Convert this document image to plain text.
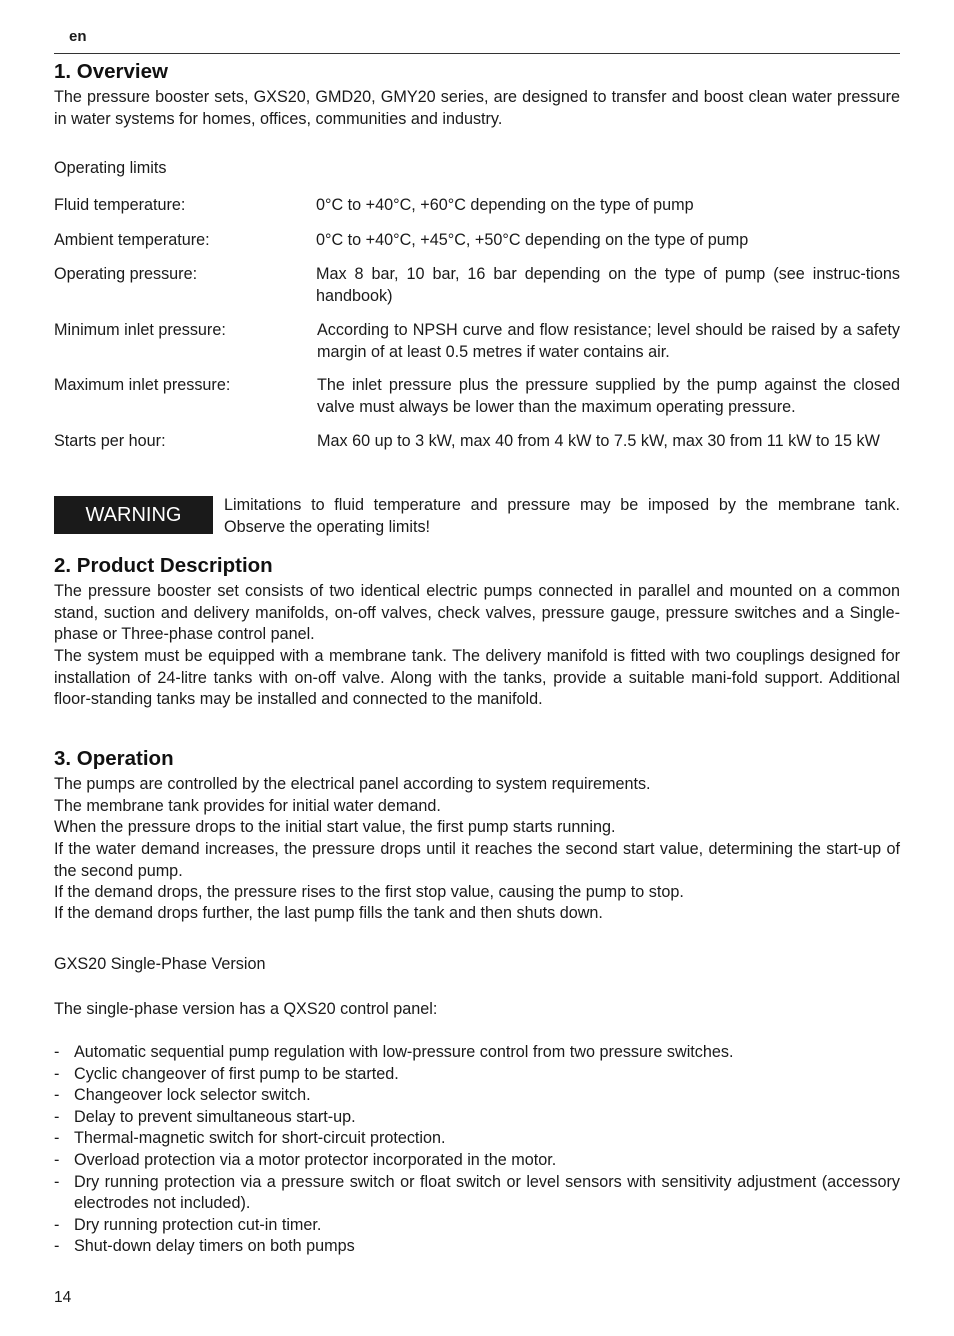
en
1. Overview

The pressure booster sets, GXS20, GMD20, GMY20 series, are designed to transfer and boost clean water pressure in water systems for homes, offices, communities and industry.

Operating limits

Fluid temperature:	0°C to +40°C, +60°C depending on the type of pump
Ambient temperature:	0°C to +40°C, +45°C, +50°C depending on the type of pump
Operating pressure:	Max 8 bar, 10 bar, 16 bar depending on the type of pump (see instruc-tions handbook)
Minimum inlet pressure:	According to NPSH curve and flow resistance; level should be raised by a safety margin of at least 0.5 metres if water contains air.
Maximum inlet pressure:	The inlet pressure plus the pressure supplied by the pump against the closed valve must always be lower than the maximum operating pressure.
Starts per hour:	Max 60 up to 3 kW, max 40 from 4 kW to 7.5 kW, max 30 from 11 kW to 15 kW
WARNING	Limitations to fluid temperature and pressure may be imposed by the membrane tank. Observe the operating limits!
2. Product Description

The pressure booster set consists of two identical electric pumps connected in parallel and mounted on a common stand, suction and delivery manifolds, on-off valves, check valves, pressure gauge, pressure switches and a Single-phase or Three-phase control panel.

The system must be equipped with a membrane tank. The delivery manifold is fitted with two couplings designed for installation of 24-litre tanks with on-off valve. Along with the tanks, provide a suitable mani-fold support. Additional floor-standing tanks may be installed and connected to the manifold.

3. Operation

The pumps are controlled by the electrical panel according to system requirements.

The membrane tank provides for initial water demand.

When the pressure drops to the initial start value, the first pump starts running.

If the water demand increases, the pressure drops until it reaches the second start value, determining the start-up of the second pump.

If the demand drops, the pressure rises to the first stop value, causing the pump to stop.

If the demand drops further, the last pump fills the tank and then shuts down.

GXS20 Single-Phase Version

The single-phase version has a QXS20 control panel:

- Automatic sequential pump regulation with low-pressure control from two pressure switches.
- Cyclic changeover of first pump to be started.
- Changeover lock selector switch.
- Delay to prevent simultaneous start-up.
- Thermal-magnetic switch for short-circuit protection.
- Overload protection via a motor protector incorporated in the motor.
- Dry running protection via a pressure switch or float switch or level sensors with sensitivity adjustment (accessory electrodes not included).
- Dry running protection cut-in timer.
- Shut-down delay timers on both pumps
14
